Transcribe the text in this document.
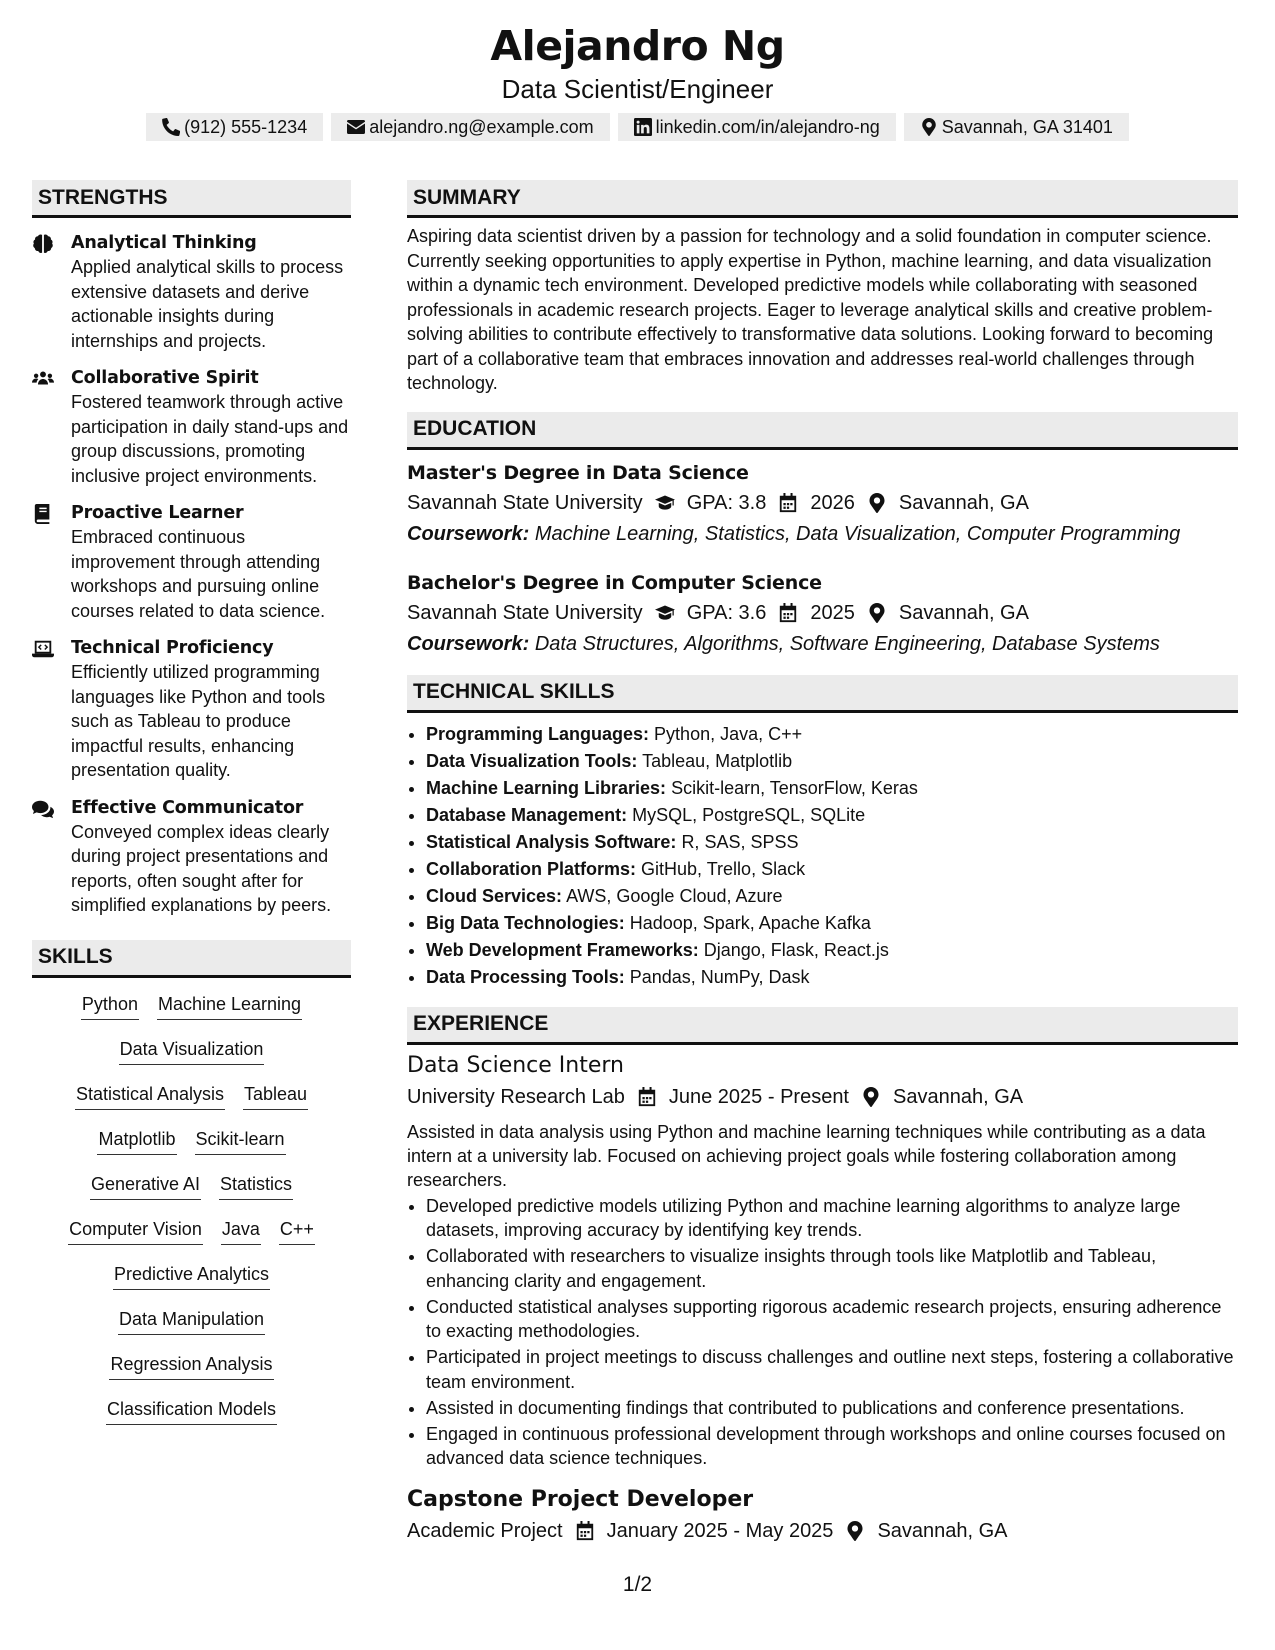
Alejandro Ng
Data Scientist/Engineer
(912) 555-1234	alejandro.ng@example.com	linkedin.com/in/alejandro-ng	Savannah, GA 31401
STRENGTHS
Analytical Thinking
Applied analytical skills to process extensive datasets and derive actionable insights during internships and projects.
Collaborative Spirit
Fostered teamwork through active participation in daily stand-ups and group discussions, promoting inclusive project environments.
Proactive Learner
Embraced continuous improvement through attending workshops and pursuing online courses related to data science.
Technical Proficiency
Efficiently utilized programming languages like Python and tools such as Tableau to produce impactful results, enhancing presentation quality.
Effective Communicator
Conveyed complex ideas clearly during project presentations and reports, often sought after for simplified explanations by peers.
SKILLS
Python Machine Learning
Data Visualization
Statistical Analysis Tableau
Matplotlib Scikit-learn
Generative AI Statistics
Computer Vision Java C++
Predictive Analytics
Data Manipulation
Regression Analysis
Classification Models
SUMMARY
Aspiring data scientist driven by a passion for technology and a solid foundation in computer science. Currently seeking opportunities to apply expertise in Python, machine learning, and data visualization within a dynamic tech environment. Developed predictive models while collaborating with seasoned professionals in academic research projects. Eager to leverage analytical skills and creative problem-solving abilities to contribute effectively to transformative data solutions. Looking forward to becoming part of a collaborative team that embraces innovation and addresses real-world challenges through technology.
EDUCATION
Master's Degree in Data Science
Savannah State University GPA: 3.8 2026 Savannah, GA
Coursework: Machine Learning, Statistics, Data Visualization, Computer Programming
Bachelor's Degree in Computer Science
Savannah State University GPA: 3.6 2025 Savannah, GA
Coursework: Data Structures, Algorithms, Software Engineering, Database Systems
TECHNICAL SKILLS
• Programming Languages: Python, Java, C++
• Data Visualization Tools: Tableau, Matplotlib
• Machine Learning Libraries: Scikit-learn, TensorFlow, Keras
• Database Management: MySQL, PostgreSQL, SQLite
• Statistical Analysis Software: R, SAS, SPSS
• Collaboration Platforms: GitHub, Trello, Slack
• Cloud Services: AWS, Google Cloud, Azure
• Big Data Technologies: Hadoop, Spark, Apache Kafka
• Web Development Frameworks: Django, Flask, React.js
• Data Processing Tools: Pandas, NumPy, Dask
EXPERIENCE
Data Science Intern
University Research Lab June 2025 - Present Savannah, GA
Assisted in data analysis using Python and machine learning techniques while contributing as a data intern at a university lab. Focused on achieving project goals while fostering collaboration among researchers.
• Developed predictive models utilizing Python and machine learning algorithms to analyze large datasets, improving accuracy by identifying key trends.
• Collaborated with researchers to visualize insights through tools like Matplotlib and Tableau, enhancing clarity and engagement.
• Conducted statistical analyses supporting rigorous academic research projects, ensuring adherence to exacting methodologies.
• Participated in project meetings to discuss challenges and outline next steps, fostering a collaborative team environment.
• Assisted in documenting findings that contributed to publications and conference presentations.
• Engaged in continuous professional development through workshops and online courses focused on advanced data science techniques.
Capstone Project Developer
Academic Project January 2025 - May 2025 Savannah, GA
1/2
